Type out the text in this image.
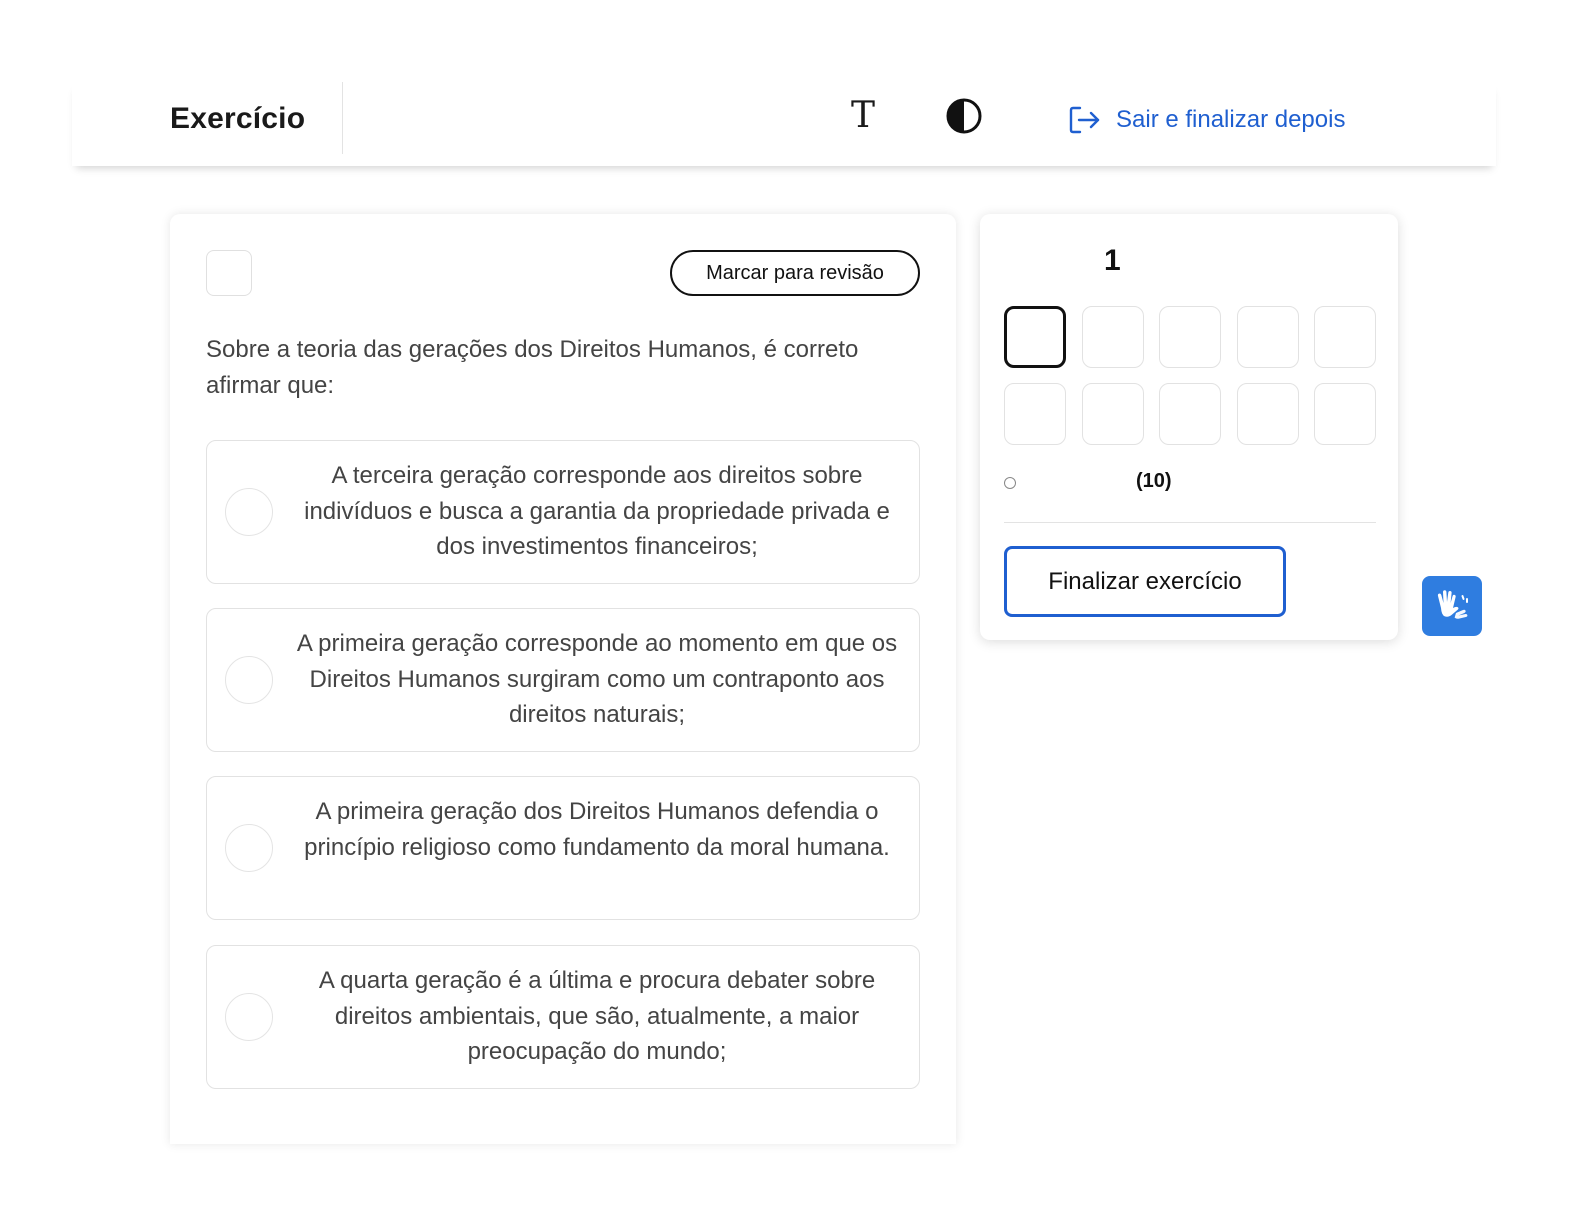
Exercício	T	Sair e finalizar depois
Marcar para revisão
Sobre a teoria das gerações dos Direitos Humanos, é correto afirmar que:
A terceira geração corresponde aos direitos sobre indivíduos e busca a garantia da propriedade privada e dos investimentos financeiros;
A primeira geração corresponde ao momento em que os Direitos Humanos surgiram como um contraponto aos direitos naturais;
A primeira geração dos Direitos Humanos defendia o princípio religioso como fundamento da moral humana.
A quarta geração é a última e procura debater sobre direitos ambientais, que são, atualmente, a maior preocupação do mundo;
1
(10)
Finalizar exercício
